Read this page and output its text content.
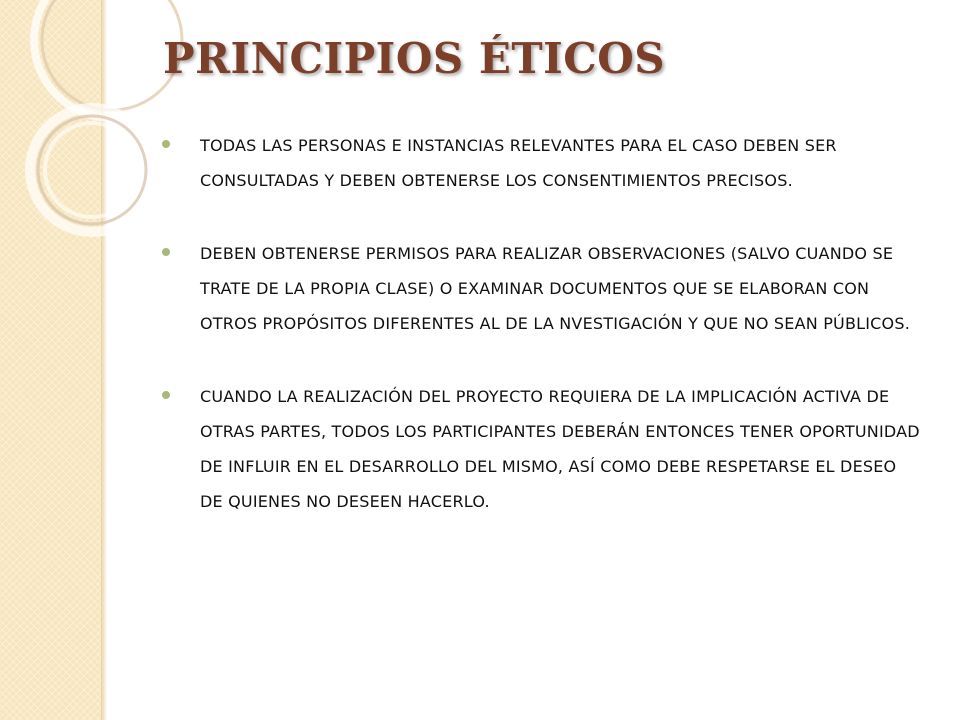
PRINCIPIOS ÉTICOS
TODAS LAS PERSONAS E INSTANCIAS RELEVANTES PARA EL CASO DEBEN SER CONSULTADAS Y DEBEN OBTENERSE LOS CONSENTIMIENTOS PRECISOS.
DEBEN OBTENERSE PERMISOS PARA REALIZAR OBSERVACIONES (SALVO CUANDO SE TRATE DE LA PROPIA CLASE) O EXAMINAR DOCUMENTOS QUE SE ELABORAN CON OTROS PROPÓSITOS DIFERENTES AL DE LA NVESTIGACIÓN Y QUE NO SEAN PÚBLICOS.
CUANDO LA REALIZACIÓN DEL PROYECTO REQUIERA DE LA IMPLICACIÓN ACTIVA DE OTRAS PARTES, TODOS LOS PARTICIPANTES DEBERÁN ENTONCES TENER OPORTUNIDAD DE INFLUIR EN EL DESARROLLO DEL MISMO, ASÍ COMO DEBE RESPETARSE EL DESEO DE QUIENES NO DESEEN HACERLO.
